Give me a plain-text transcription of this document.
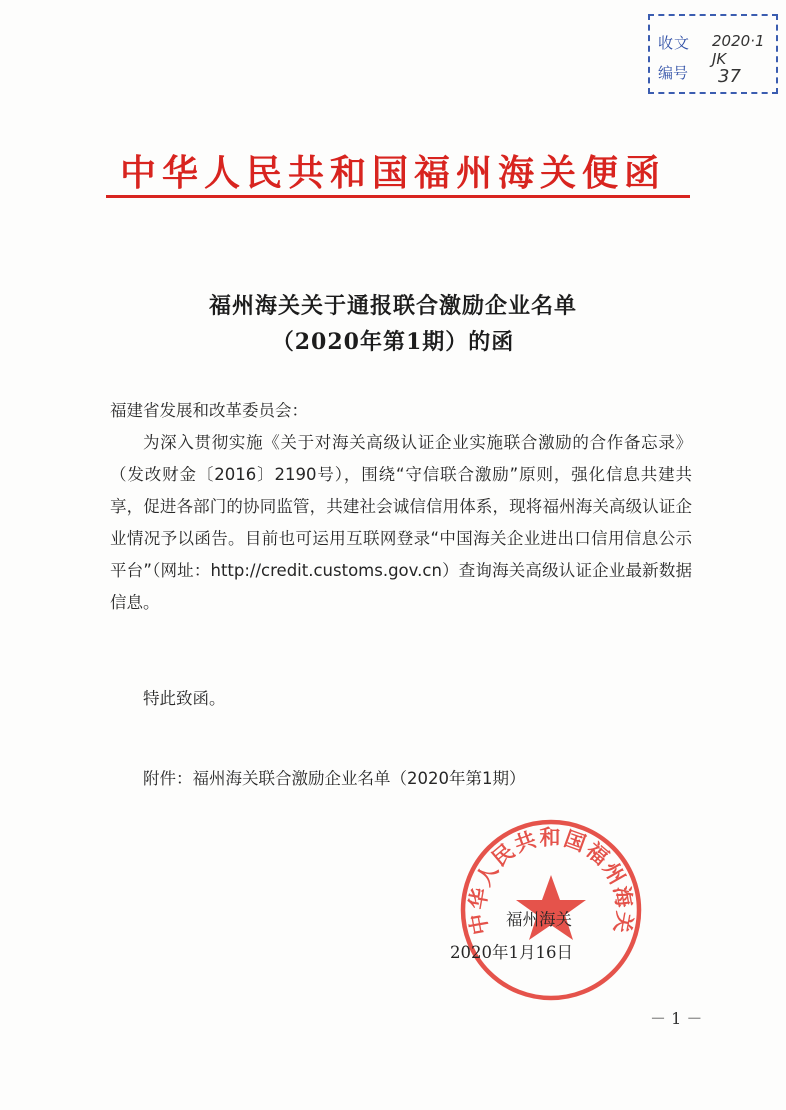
收文 2020·1 JK
编号 37
中华人民共和国福州海关便函
福州海关关于通报联合激励企业名单
（2020年第1期）的函
福建省发展和改革委员会：
为深入贯彻实施《关于对海关高级认证企业实施联合激励的合作备忘录》（发改财金〔2016〕2190号），围绕“守信联合激励”原则，强化信息共建共享，促进各部门的协同监管，共建社会诚信信用体系，现将福州海关高级认证企业情况予以函告。目前也可运用互联网登录“中国海关企业进出口信用信息公示平台”（网址：http://credit.customs.gov.cn）查询海关高级认证企业最新数据信息。
特此致函。
附件：福州海关联合激励企业名单（2020年第1期）
中华人民共和国福州海关
福州海关
2020年1月16日
－ 1 －
